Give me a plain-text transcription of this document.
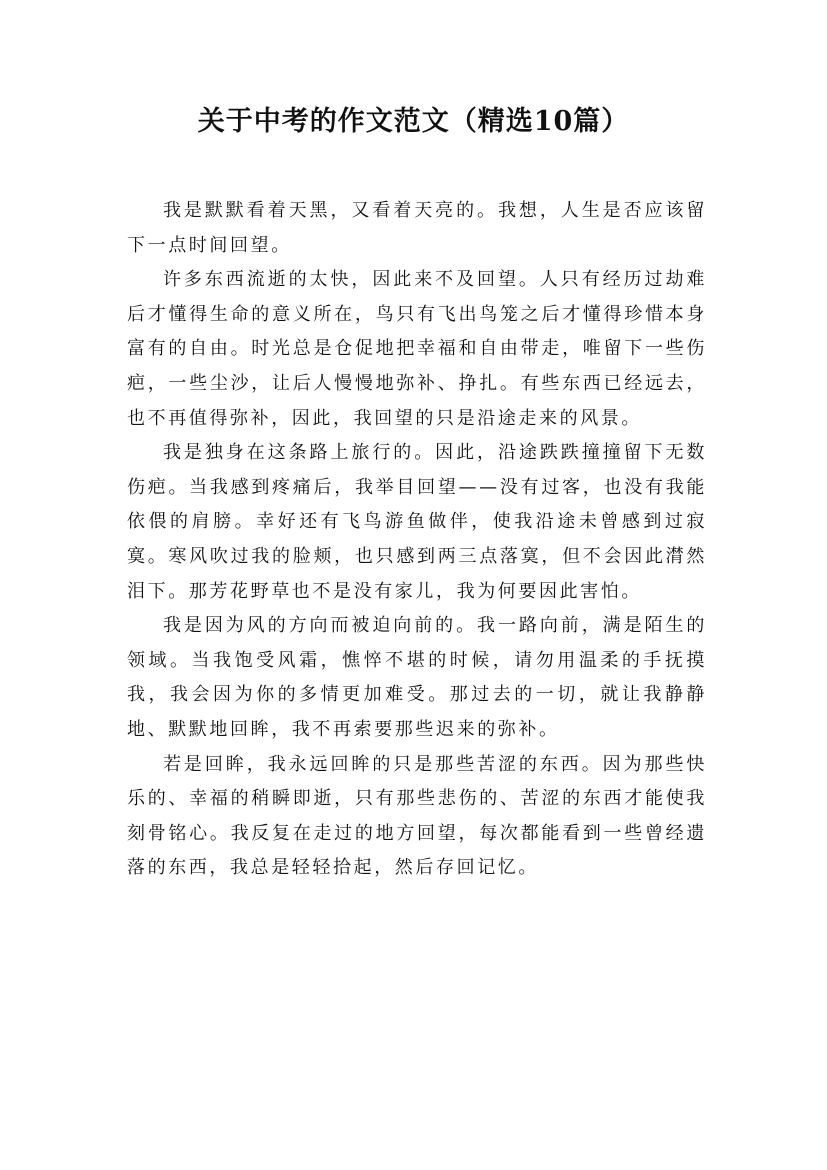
关于中考的作文范文（精选10篇）

我是默默看着天黑，又看着天亮的。我想，人生是否应该留下一点时间回望。

许多东西流逝的太快，因此来不及回望。人只有经历过劫难后才懂得生命的意义所在，鸟只有飞出鸟笼之后才懂得珍惜本身富有的自由。时光总是仓促地把幸福和自由带走，唯留下一些伤疤，一些尘沙，让后人慢慢地弥补、挣扎。有些东西已经远去，也不再值得弥补，因此，我回望的只是沿途走来的风景。

我是独身在这条路上旅行的。因此，沿途跌跌撞撞留下无数伤疤。当我感到疼痛后，我举目回望——没有过客，也没有我能依偎的肩膀。幸好还有飞鸟游鱼做伴，使我沿途未曾感到过寂寞。寒风吹过我的脸颊，也只感到两三点落寞，但不会因此潸然泪下。那芳花野草也不是没有家儿，我为何要因此害怕。

我是因为风的方向而被迫向前的。我一路向前，满是陌生的领域。当我饱受风霜，憔悴不堪的时候，请勿用温柔的手抚摸我，我会因为你的多情更加难受。那过去的一切，就让我静静地、默默地回眸，我不再索要那些迟来的弥补。

若是回眸，我永远回眸的只是那些苦涩的东西。因为那些快乐的、幸福的稍瞬即逝，只有那些悲伤的、苦涩的东西才能使我刻骨铭心。我反复在走过的地方回望，每次都能看到一些曾经遗落的东西，我总是轻轻拾起，然后存回记忆。
